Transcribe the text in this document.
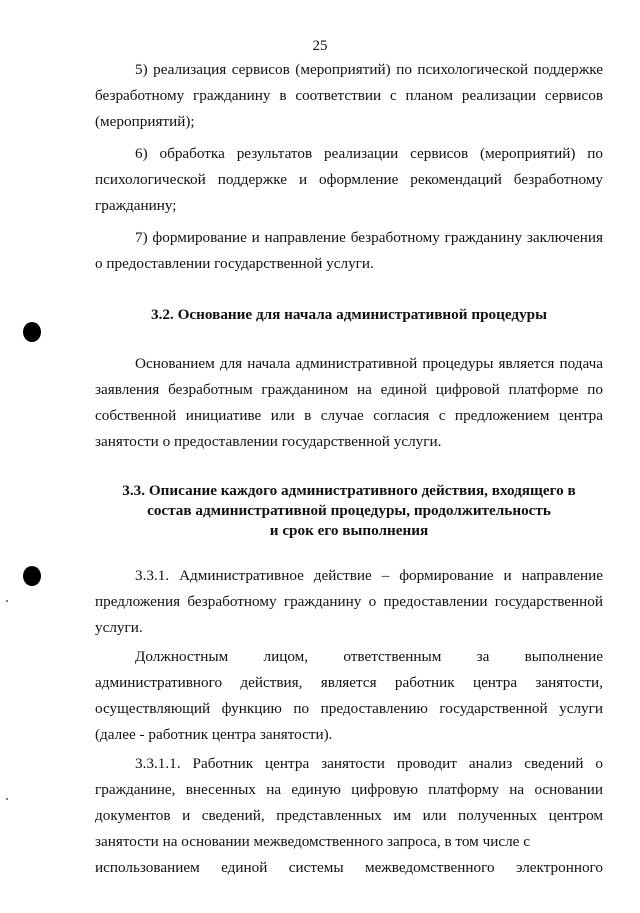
25

5) реализация сервисов (мероприятий) по психологической поддержке безработному гражданину в соответствии с планом реализации сервисов (мероприятий);

6) обработка результатов реализации сервисов (мероприятий) по психологической поддержке и оформление рекомендаций безработному гражданину;

7) формирование и направление безработному гражданину заключения о предоставлении государственной услуги.

3.2. Основание для начала административной процедуры

Основанием для начала административной процедуры является подача заявления безработным гражданином на единой цифровой платформе по собственной инициативе или в случае согласия с предложением центра занятости о предоставлении государственной услуги.

3.3. Описание каждого административного действия, входящего в
состав административной процедуры, продолжительность
и срок его выполнения

3.3.1. Административное действие – формирование и направление предложения безработному гражданину о предоставлении государственной услуги.

Должностным лицом, ответственным за выполнение
административного действия, является работник центра занятости,

осуществляющий функцию по предоставлению государственной услуги (далее - работник центра занятости).

3.3.1.1. Работник центра занятости проводит анализ сведений о гражданине, внесенных на единую цифровую платформу на основании документов и сведений, представленных им или полученных центром занятости на основании межведомственного запроса, в том числе с

использованием единой системы межведомственного электронного
